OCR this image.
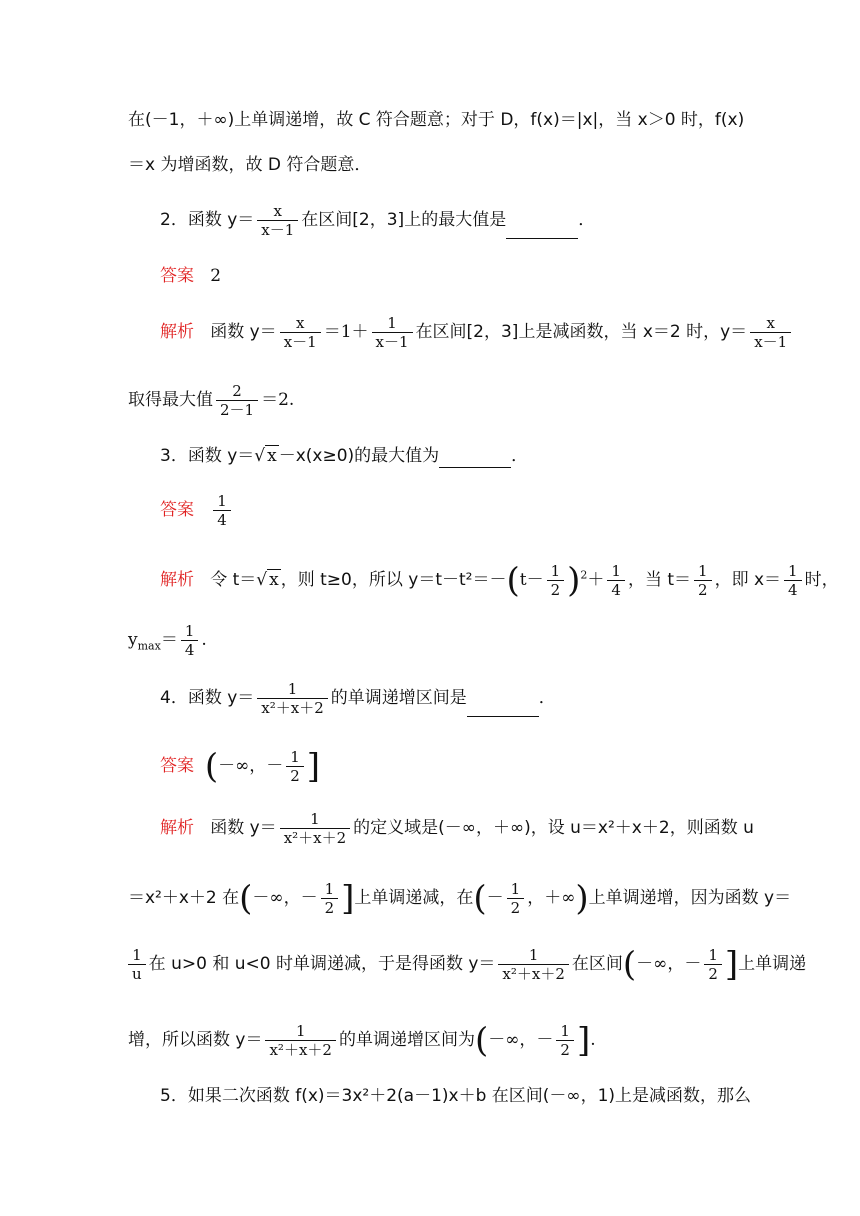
在(－1，＋∞)上单调递增，故 C 符合题意；对于 D，f(x)＝|x|，当 x＞0 时，f(x)
＝x 为增函数，故 D 符合题意．
2．函数 $y= \frac{x}{x-1}$ 在区间[2，3]上的最大值是	．
答案 2
解析 函数 $y= \frac{x}{x-1} =1+ \frac{1}{x-1}$ 在区间[2，3]上是减函数，当 x＝2 时，$y= \frac{x}{x-1}$
取得最大值 $\frac{2}{2-1} =2$.
3．函数 y＝√ x －x(x≥0)的最大值为	．
答案 $\frac{1}{4}$
解析 令 t＝√ x ，则 t≥0，所以 $y=t-t^2=-(t- \frac{1}{2} )^2+ \frac{1}{4}$ ，当 $t= \frac{1}{2}$ ，即 $x= \frac{1}{4}$ 时，
$y_{max}= \frac{1}{4}$ .
4．函数 $y= \frac{1}{\text{x²＋x＋2}}$ 的单调递增区间是	．
答案 (－∞，－ $\frac{1}{2}$ ]
解析 函数 $y= \frac{1}{\text{x²＋x＋2}}$ 的定义域是(－∞，＋∞)，设 u＝x²＋x＋2，则函数 u
＝x²＋x＋2 在(－∞，－ $\frac{1}{2}$ ]上单调递减，在(－ $\frac{1}{2}$ ，＋∞)上单调递增，因为函数 y＝
$\frac{1}{u}$ 在 u>0 和 u<0 时单调递减，于是得函数 $y= \frac{1}{\text{x²＋x＋2}}$ 在区间(－∞，－ $\frac{1}{2}$ ]上单调递
增，所以函数 $y= \frac{1}{\text{x²＋x＋2}}$ 的单调递增区间为(－∞，－ $\frac{1}{2}$ ].
5．如果二次函数 f(x)＝3x²＋2(a－1)x＋b 在区间(－∞，1)上是减函数，那么
